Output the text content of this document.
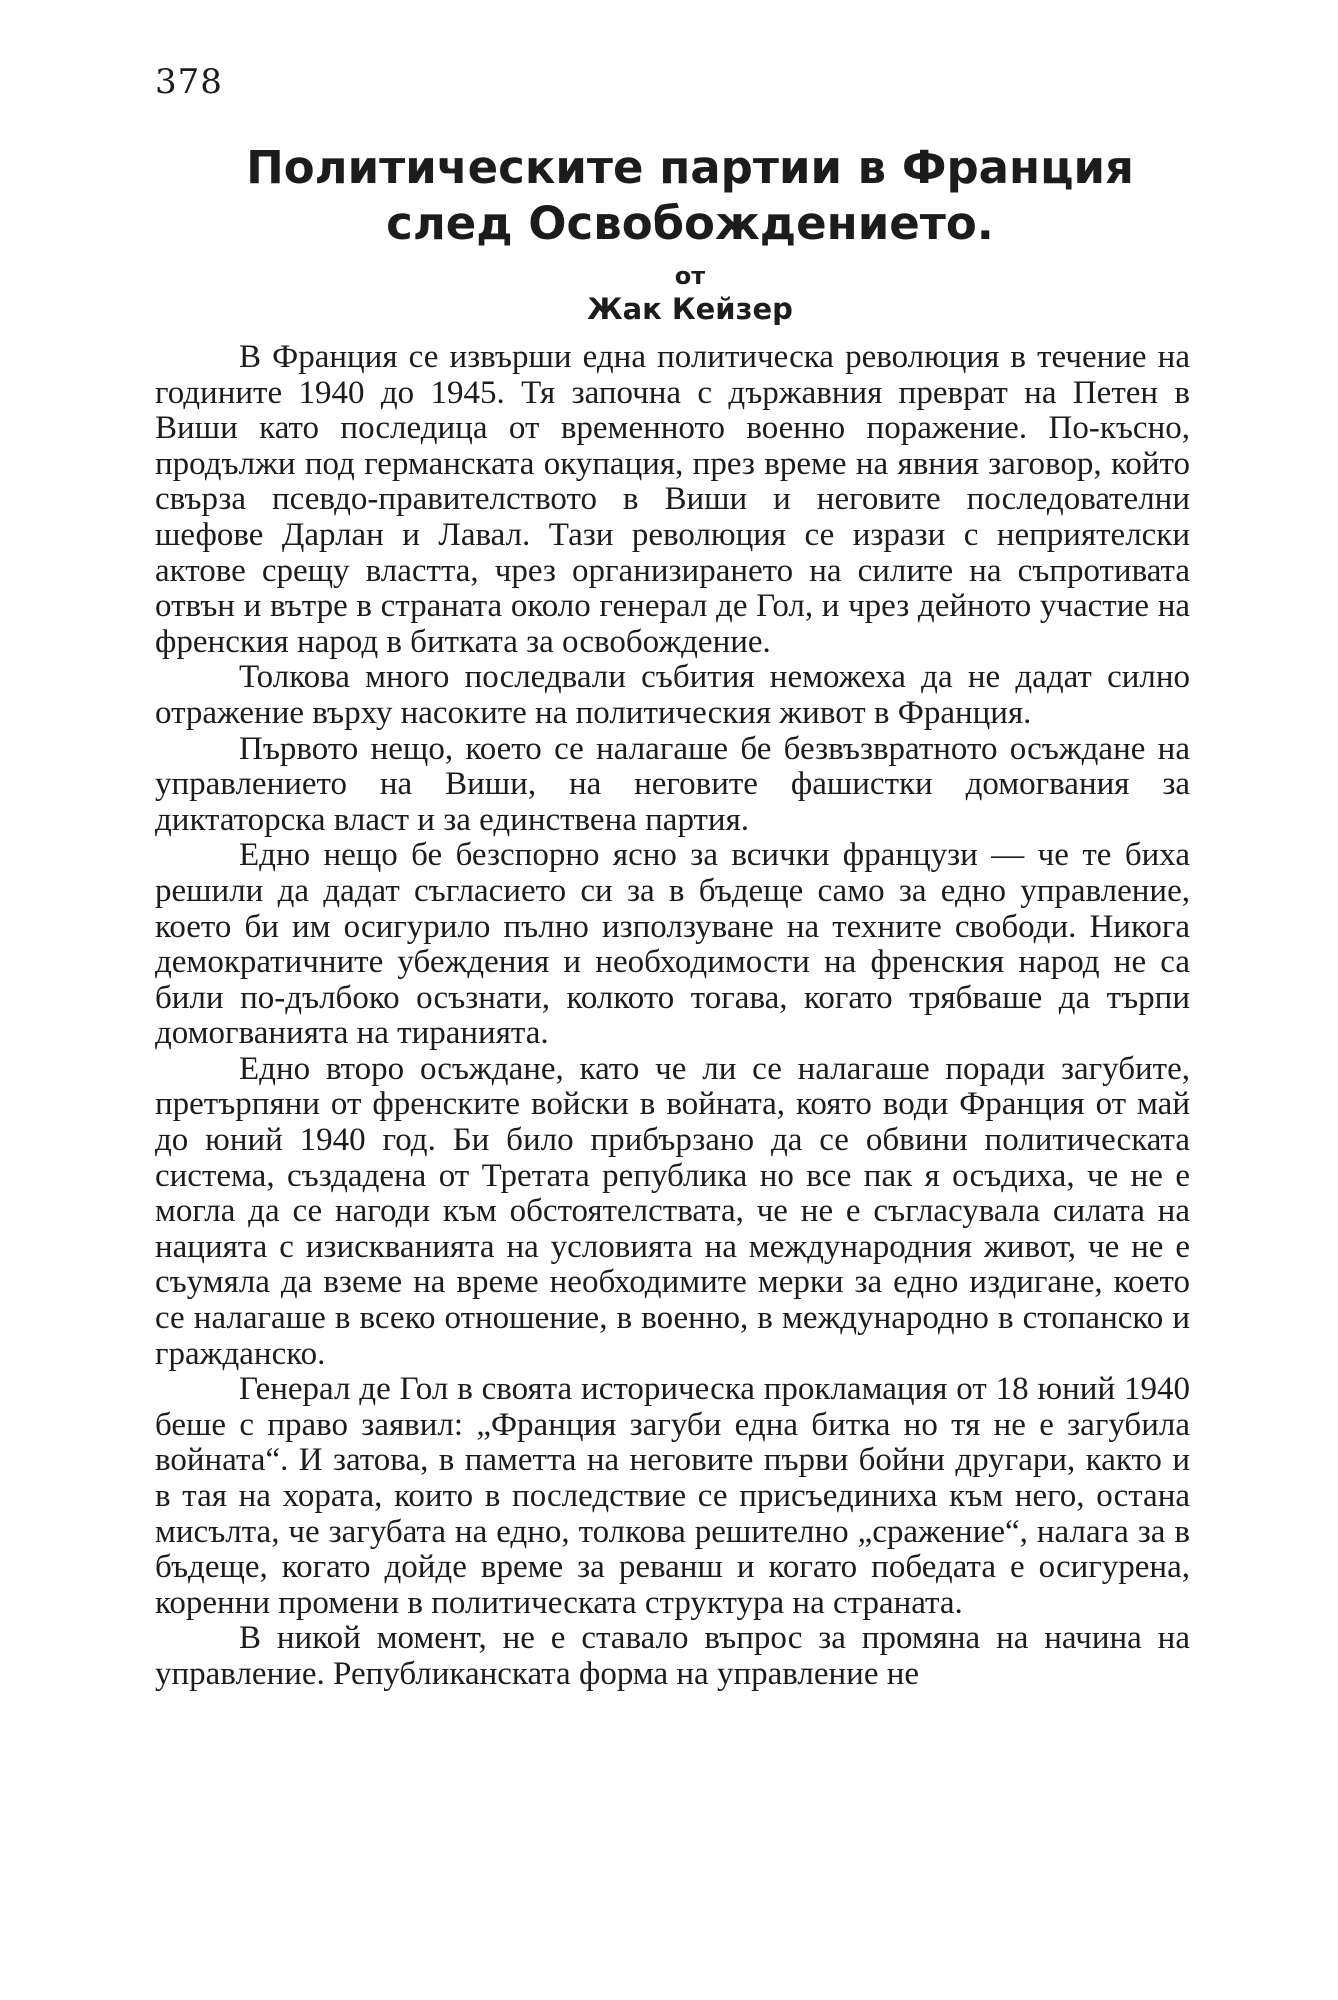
378
Политическите партии в Франция
след Освобождението.
от
Жак Кейзер

В Франция се извърши една политическа революция в течение на годините 1940 до 1945. Тя започна с държавния преврат на Петен в Виши като последица от временното военно поражение. По-късно, продължи под германската окупация, през време на явния заговор, който свърза псевдо-правителството в Виши и неговите последователни шефове Дарлан и Лавал. Тази революция се изрази с неприятелски актове срещу властта, чрез организирането на силите на съпротивата отвън и вътре в страната около генерал де Гол, и чрез дейното участие на френския народ в битката за освобождение.

Толкова много последвали събития неможеха да не дадат силно отражение върху насоките на политическия живот в Франция.

Първото нещо, което се налагаше бе безвъзвратното осъждане на управлението на Виши, на неговите фашистки домогвания за диктаторска власт и за единствена партия.

Едно нещо бе безспорно ясно за всички французи — че те биха решили да дадат съгласието си за в бъдеще само за едно управление, което би им осигурило пълно използуване на техните свободи. Никога демократичните убеждения и необходимости на френския народ не са били по-дълбоко осъзнати, колкото тогава, когато трябваше да търпи домогванията на тиранията.

Едно второ осъждане, като че ли се налагаше поради загубите, претърпяни от френските войски в войната, която води Франция от май до юний 1940 год. Би било прибързано да се обвини политическата система, създадена от Третата република но все пак я осъдиха, че не е могла да се нагоди към обстоятелствата, че не е съгласувала силата на нацията с изискванията на условията на международния живот, че не е съумяла да вземе на време необходимите мерки за едно издигане, което се налагаше в всеко отношение, в военно, в международно в стопанско и гражданско.

Генерал де Гол в своята историческа прокламация от 18 юний 1940 беше с право заявил: „Франция загуби една битка но тя не е загубила войната“. И затова, в паметта на неговите първи бойни другари, както и в тая на хората, които в последствие се присъединиха към него, остана мисълта, че загубата на едно, толкова решително „сражение“, налага за в бъдеще, когато дойде време за реванш и когато победата е осигурена, коренни промени в политическата структура на страната.

В никой момент, не е ставало въпрос за промяна на начина на управление. Републиканската форма на управление не
